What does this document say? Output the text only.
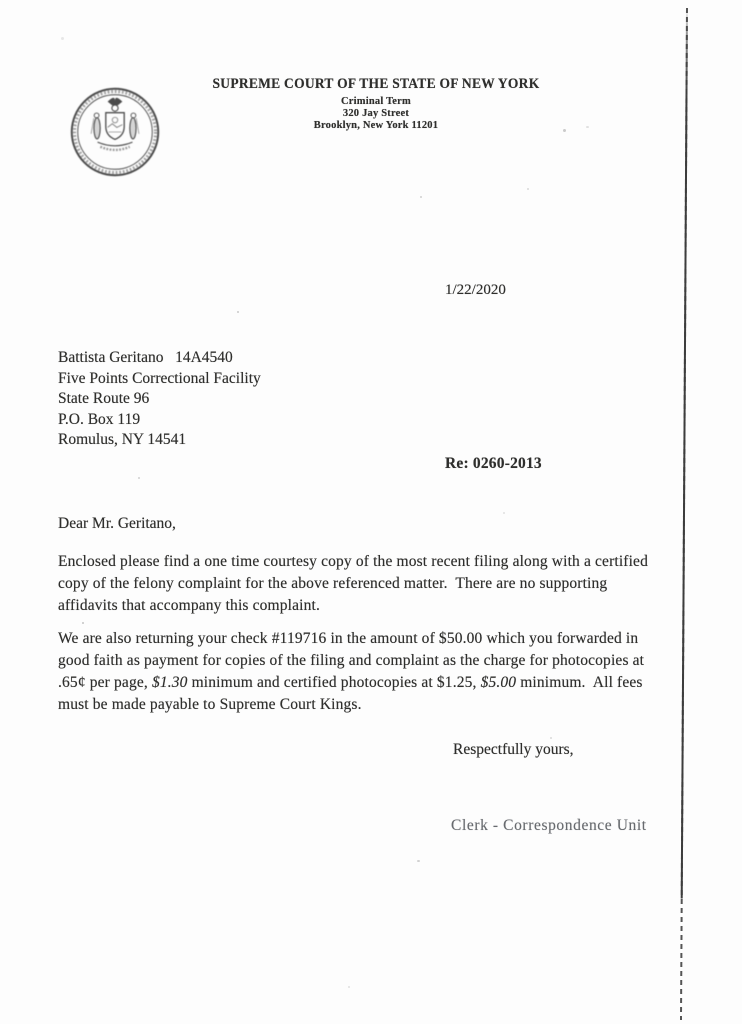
SUPREME COURT OF THE STATE OF NEW YORK
Criminal Term
320 Jay Street
Brooklyn, New York 11201
1/22/2020
Battista Geritano   14A4540
Five Points Correctional Facility
State Route 96
P.O. Box 119
Romulus, NY 14541
Re: 0260-2013
Dear Mr. Geritano,
Enclosed please find a one time courtesy copy of the most recent filing along with a certified
copy of the felony complaint for the above referenced matter.  There are no supporting
affidavits that accompany this complaint.
We are also returning your check #119716 in the amount of $50.00 which you forwarded in
good faith as payment for copies of the filing and complaint as the charge for photocopies at
.65¢ per page, $1.30 minimum and certified photocopies at $1.25, $5.00 minimum.  All fees
must be made payable to Supreme Court Kings.
Respectfully yours,
Clerk - Correspondence Unit
